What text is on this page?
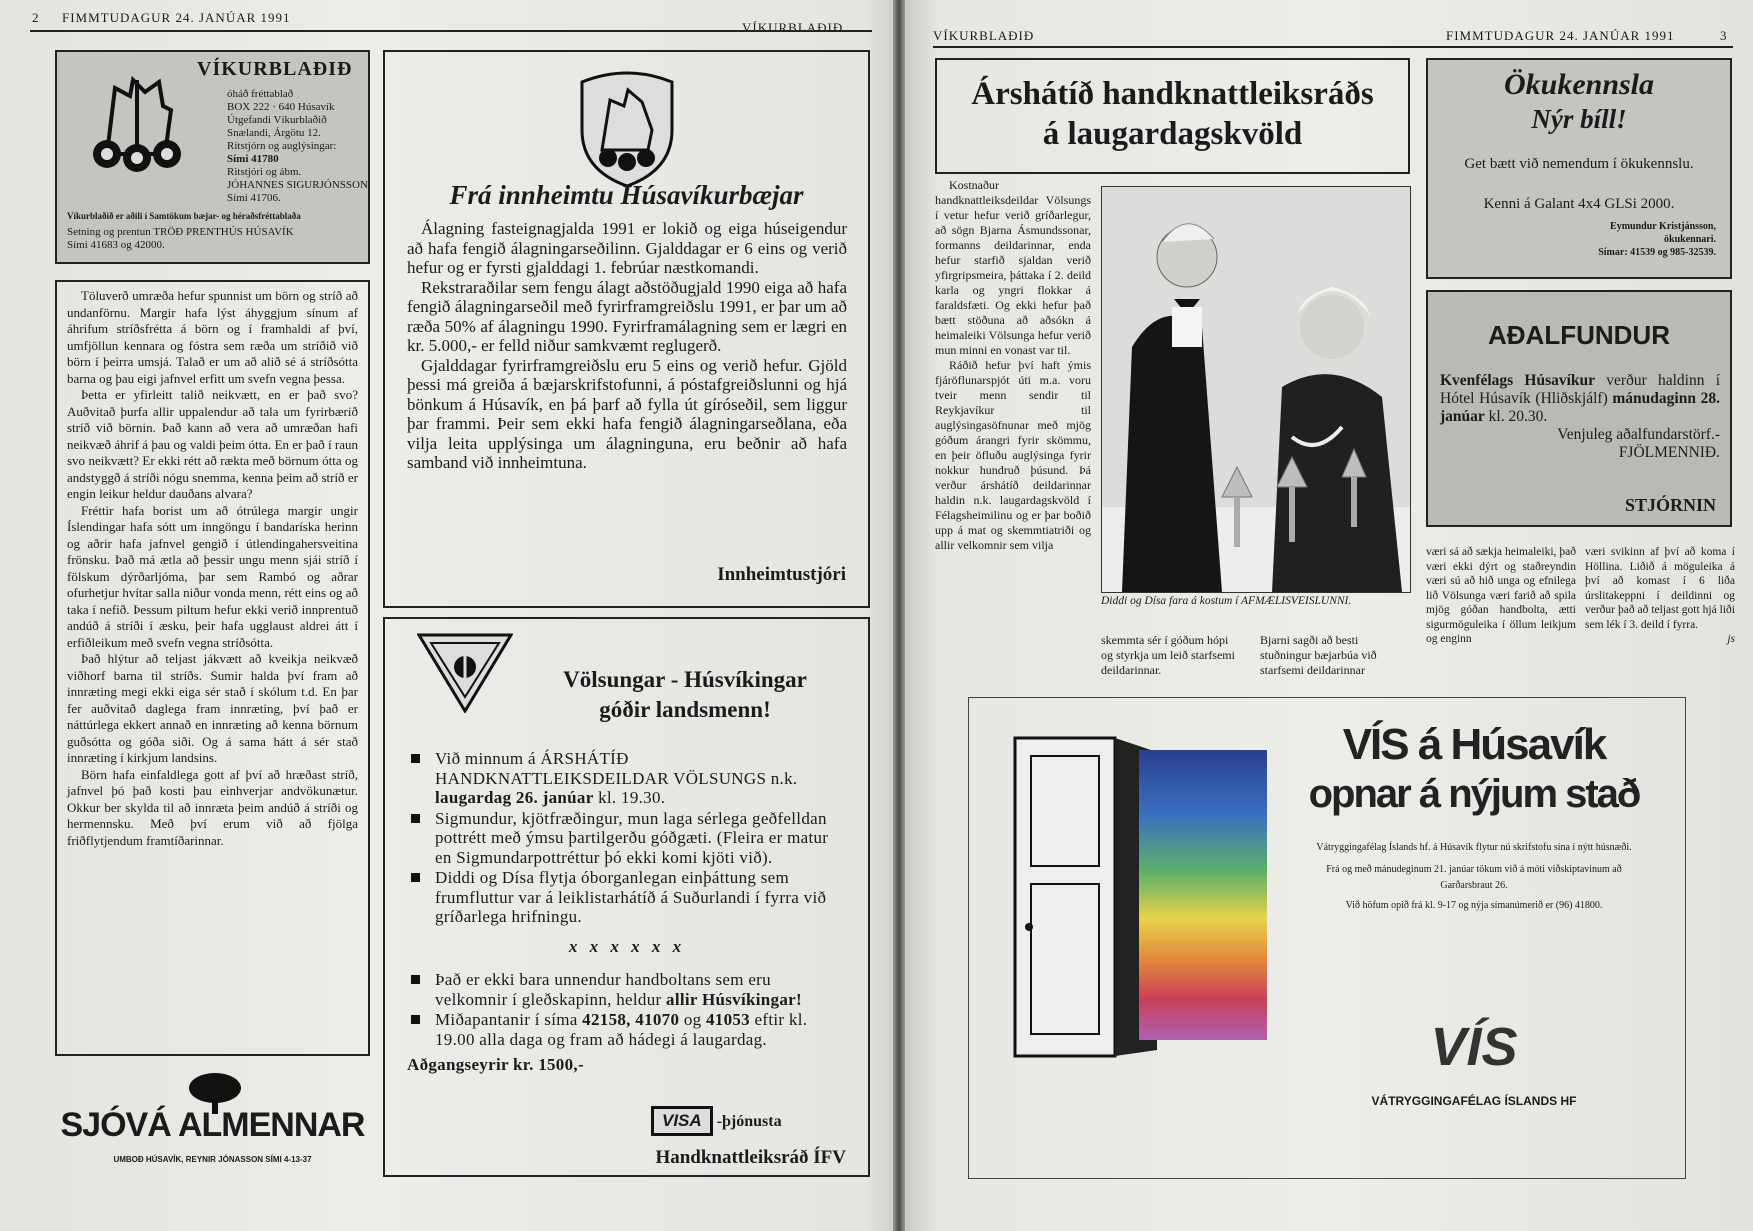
2 FIMMTUDAGUR 24. JANÚAR 1991
VÍKURBLAÐIÐ
VÍKURBLAÐIÐ
óháð fréttablað
BOX 222 · 640 Húsavík
Útgefandi Víkurblaðið
Snælandi, Árgötu 12.
Ritstjórn og auglýsingar:
Sími 41780
Ritstjóri og ábm.
JÓHANNES SIGURJÓNSSON
Sími 41706.
Víkurblaðið er aðili í Samtökum bæjar- og héraðsfréttablaða
Setning og prentun TRÖÐ PRENTHÚS HÚSAVÍK Sími 41683 og 42000.

Töluverð umræða hefur spunnist um börn og stríð að undanförnu. Margir hafa lýst áhyggjum sínum af áhrifum stríðsfrétta á börn og í framhaldi af því, umfjöllun kennara og fóstra sem ræða um stríðið við börn í þeirra umsjá. Talað er um að alið sé á stríðsótta barna og þau eigi jafnvel erfitt um svefn vegna þessa.

Þetta er yfirleitt talið neikvætt, en er það svo? Auðvitað þurfa allir uppalendur að tala um fyrirbærið stríð við börnin. Það kann að vera að umræðan hafi neikvæð áhrif á þau og valdi þeim ótta. En er það í raun svo neikvætt? Er ekki rétt að rækta með börnum ótta og andstyggð á stríði nógu snemma, kenna þeim að stríð er engin leikur heldur dauðans alvara?

Fréttir hafa borist um að ótrúlega margir ungir Íslendingar hafa sótt um inngöngu í bandaríska herinn og aðrir hafa jafnvel gengið í útlendingahersveitina frönsku. Það má ætla að þessir ungu menn sjái stríð í fölskum dýrðarljóma, þar sem Rambó og aðrar ofurhetjur hvítar salla niður vonda menn, rétt eins og að taka í nefið. Þessum piltum hefur ekki verið innprentuð andúð á stríði í æsku, þeir hafa ugglaust aldrei átt í erfiðleikum með svefn vegna stríðsótta.

Það hlýtur að teljast jákvætt að kveikja neikvæð viðhorf barna til stríðs. Sumir halda því fram að innræting megi ekki eiga sér stað í skólum t.d. En þar fer auðvitað daglega fram innræting, því það er náttúrlega ekkert annað en innræting að kenna börnum guðsótta og góða siði. Og á sama hátt á sér stað innræting í kirkjum landsins.

Börn hafa einfaldlega gott af því að hræðast stríð, jafnvel þó það kosti þau einhverjar andvökunætur. Okkur ber skylda til að innræta þeim andúð á stríði og hermennsku. Með því erum við að fjölga friðflytjendum framtíðarinnar.

SJÓVÁ ALMENNAR
UMBOÐ HÚSAVÍK, REYNIR JÓNASSON SÍMI 4-13-37
Frá innheimtu Húsavíkurbæjar

Álagning fasteignagjalda 1991 er lokið og eiga húseigendur að hafa fengið álagningarseðilinn. Gjalddagar er 6 eins og verið hefur og er fyrsti gjalddagi 1. febrúar næstkomandi.

Rekstraraðilar sem fengu álagt aðstöðugjald 1990 eiga að hafa fengið álagningarseðil með fyrirframgreiðslu 1991, er þar um að ræða 50% af álagningu 1990. Fyrirframálagning sem er lægri en kr. 5.000,- er felld niður samkvæmt reglugerð.

Gjalddagar fyrirframgreiðslu eru 5 eins og verið hefur. Gjöld þessi má greiða á bæjarskrifstofunni, á póstafgreiðslunni og hjá bönkum á Húsavík, en þá þarf að fylla út gíróseðil, sem liggur þar frammi. Þeir sem ekki hafa fengið álagningarseðlana, eða vilja leita upplýsinga um álagninguna, eru beðnir að hafa samband við innheimtuna.

Innheimtustjóri
Völsungar - Húsvíkingar
góðir landsmenn!
Við minnum á ÁRSHÁTÍÐ HANDKNATTLEIKSDEILDAR VÖLSUNGS n.k. laugardag 26. janúar kl. 19.30.
Sigmundur, kjötfræðingur, mun laga sérlega geðfelldan pottrétt með ýmsu þartilgerðu góðgæti. (Fleira er matur en Sigmundarpottréttur þó ekki komi kjöti við).
Diddi og Dísa flytja óborganlegan einþáttung sem frumfluttur var á leiklistarhátíð á Suðurlandi í fyrra við gríðarlega hrifningu.
x x x x x x
Það er ekki bara unnendur handboltans sem eru velkomnir í gleðskapinn, heldur allir Húsvíkingar!
Miðapantanir í síma 42158, 41070 og 41053 eftir kl. 19.00 alla daga og fram að hádegi á laugardag.
Aðgangseyrir kr. 1500,-
VISA -þjónusta
Handknattleiksráð ÍFV
VÍKURBLAÐIÐ	FIMMTUDAGUR 24. JANÚAR 1991	3
Árshátíð handknattleiksráðs
á laugardagskvöld

Kostnaður handknattleiksdeildar Völsungs í vetur hefur verið gríðarlegur, að sögn Bjarna Ásmundssonar, formanns deildarinnar, enda hefur starfið sjaldan verið yfirgripsmeira, þáttaka í 2. deild karla og yngri flokkar á faraldsfæti. Og ekki hefur það bætt stöðuna að aðsókn á heimaleiki Völsunga hefur verið mun minni en vonast var til.

Ráðið hefur því haft ýmis fjáröflunarspjót úti m.a. voru tveir menn sendir til Reykjavíkur til auglýsingasöfnunar með mjög góðum árangri fyrir skömmu, en þeir öfluðu auglýsinga fyrir nokkur hundruð þúsund. Þá verður árshátíð deildarinnar haldin n.k. laugardagskvöld í Félagsheimilinu og er þar boðið upp á mat og skemmtiatriði og allir velkomnir sem vilja

Diddi og Dísa fara á kostum í AFMÆLISVEISLUNNI.
skemmta sér í góðum hópi og styrkja um leið starfsemi deildarinnar.
Bjarni sagði að besti stuðningur bæjarbúa við starfsemi deildarinnar
væri sá að sækja heimaleiki, það væri ekki dýrt og staðreyndin væri sú að hið unga og efnilega lið Völsunga væri farið að spila mjög góðan handbolta, ætti sigurmöguleika í öllum leikjum og enginn
væri svikinn af því að koma í Höllina. Liðið á möguleika á því að komast í 6 liða úrslitakeppni í deildinni og verður það að teljast gott hjá liði sem lék í 3. deild í fyrra.
js
Ökukennsla
Nýr bíll!
Get bætt við nemendum í ökukennslu.
Kenni á Galant 4x4 GLSi 2000.
Eymundur Kristjánsson,
ökukennari.
Símar: 41539 og 985-32539.
AÐALFUNDUR
Kvenfélags Húsavíkur verður haldinn í Hótel Húsavík (Hliðskjálf) mánudaginn 28. janúar kl. 20.30.
Venjuleg aðalfundarstörf.-
FJÖLMENNIÐ.
STJÓRNIN
VÍS á Húsavík
opnar á nýjum stað
Vátryggingafélag Íslands hf. á Húsavík flytur nú skrifstofu sína í nýtt húsnæði.
Frá og með mánudeginum 21. janúar tökum við á móti viðskiptavinum að Garðarsbraut 26.
Við höfum opið frá kl. 9-17 og nýja símanúmerið er (96) 41800.
VÍS
VÁTRYGGINGAFÉLAG ÍSLANDS HF
